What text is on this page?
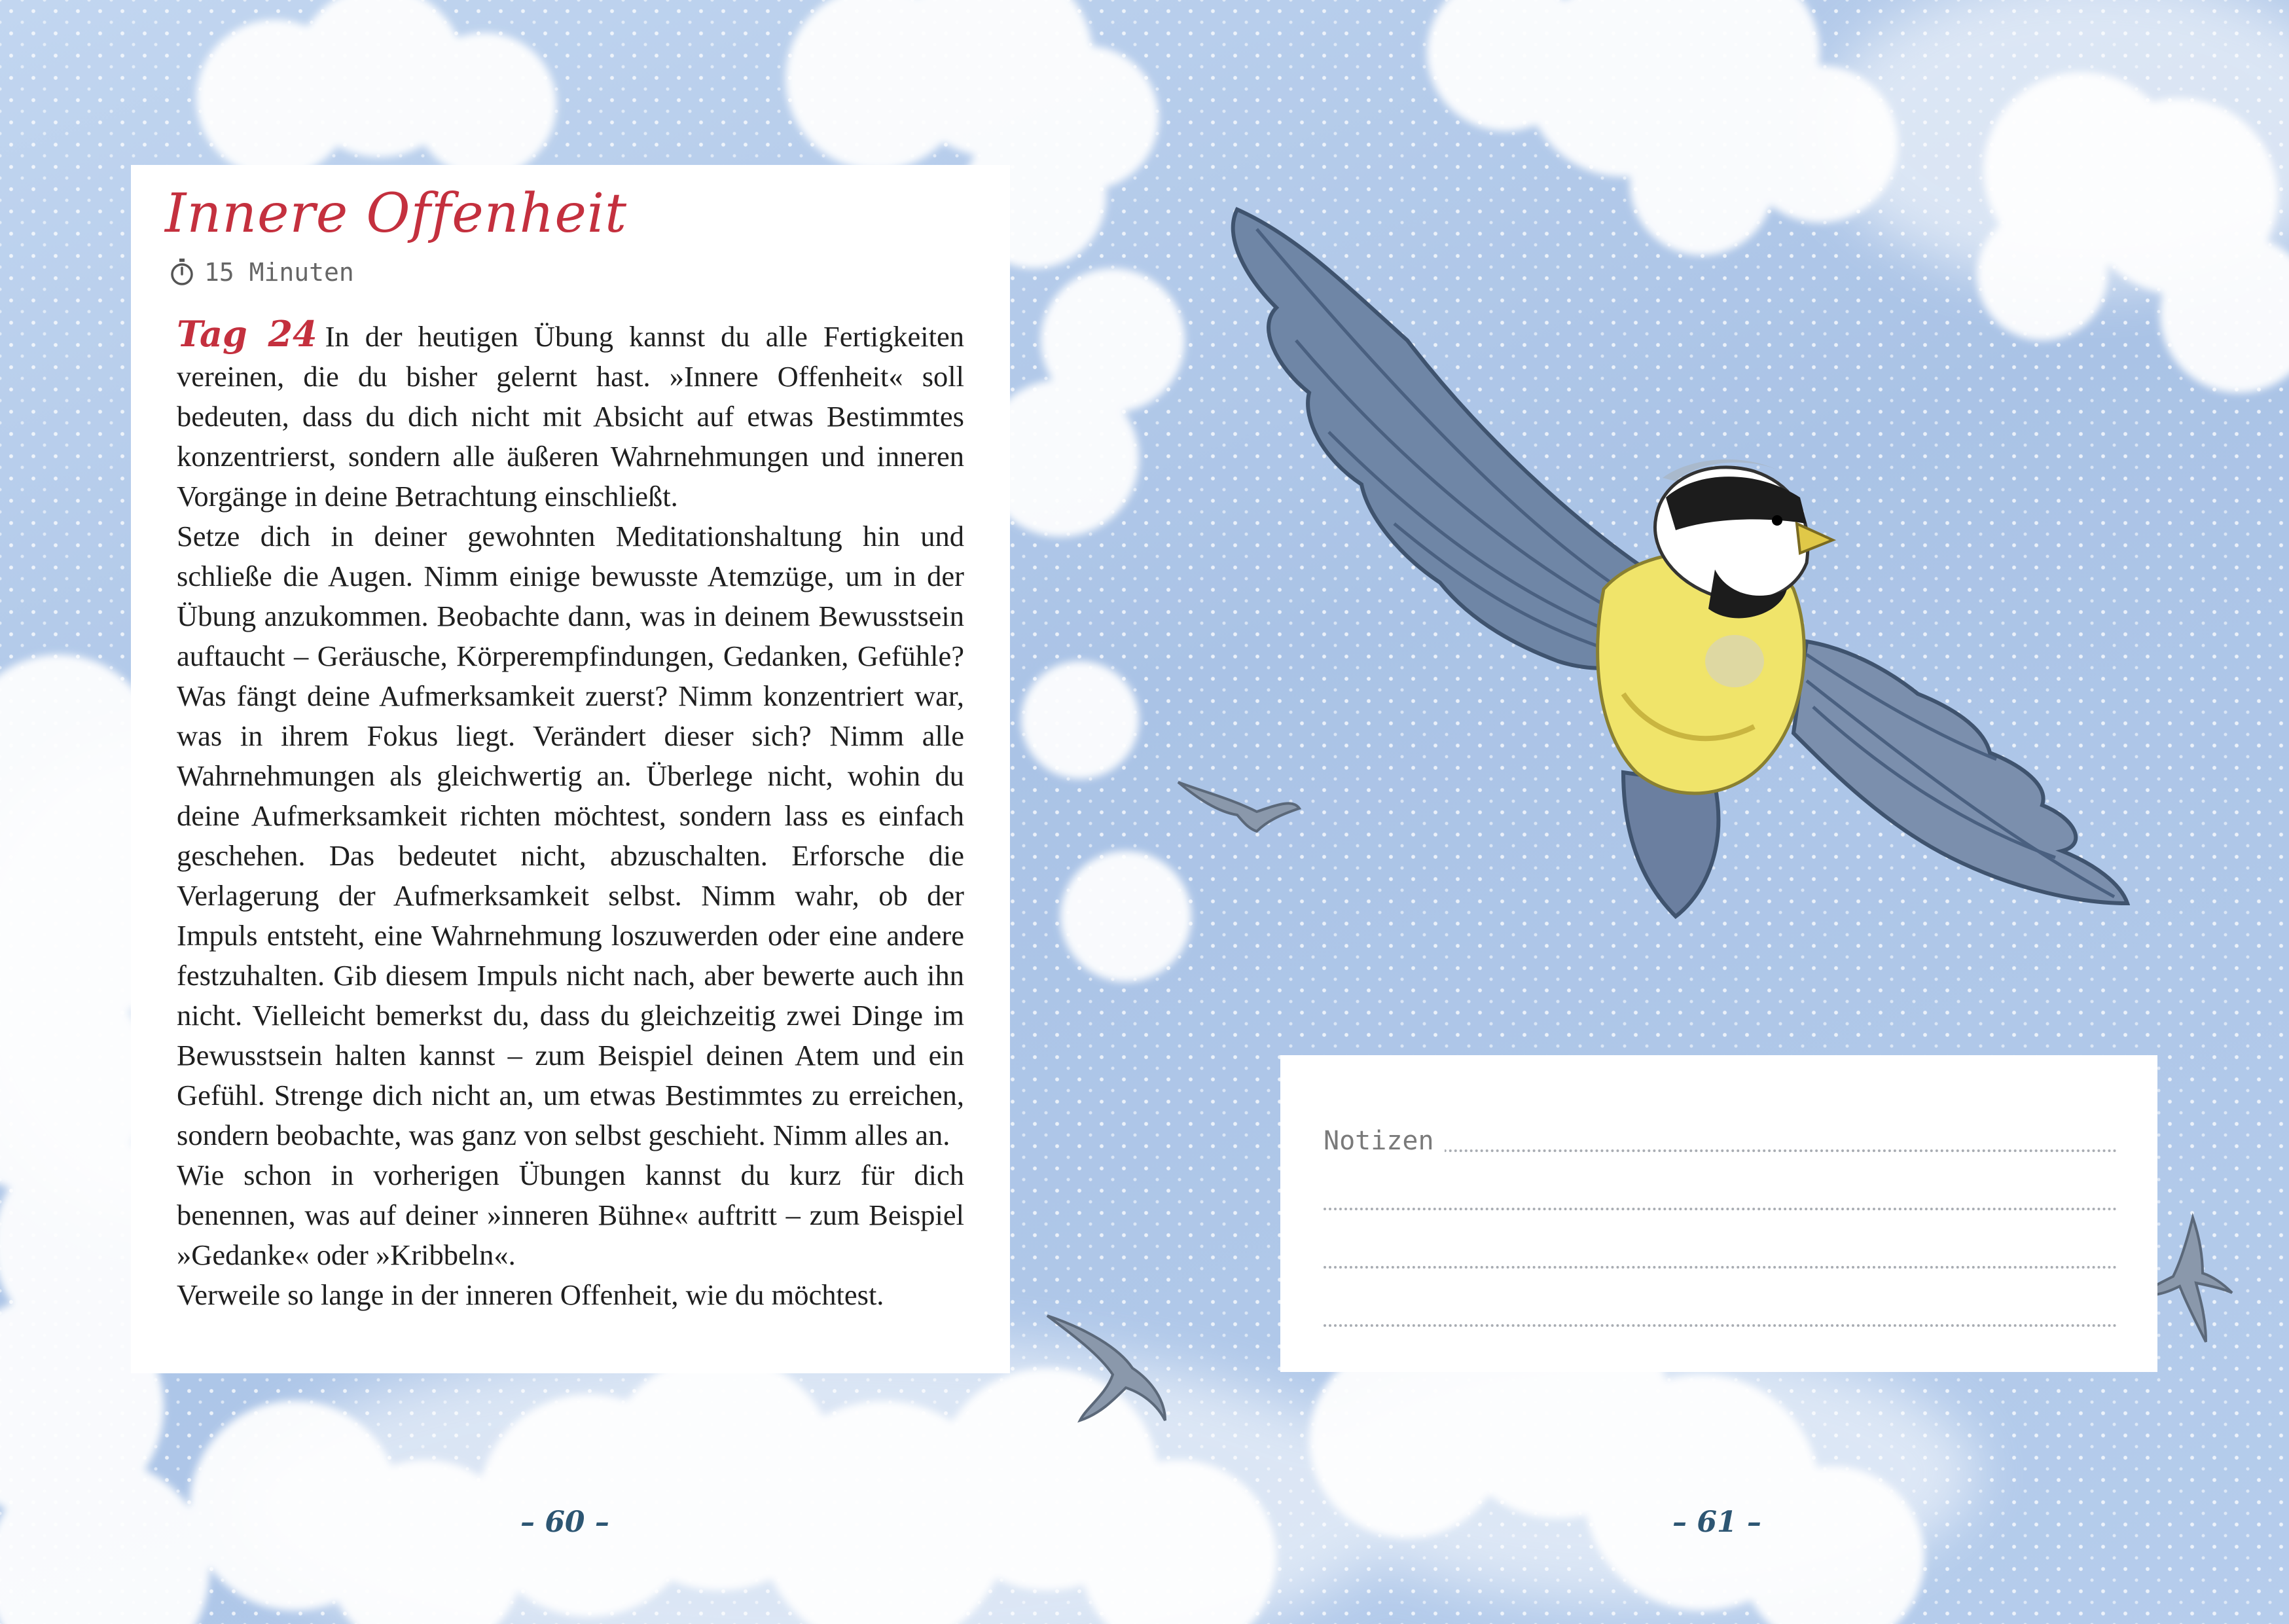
Innere Offenheit
15 Minuten

Tag 24 In der heutigen Übung kannst du alle Fertigkeiten vereinen, die du bisher gelernt hast. »Innere Offenheit« soll bedeuten, dass du dich nicht mit Absicht auf etwas Bestimmtes konzentrierst, sondern alle äußeren Wahrnehmungen und inneren Vorgänge in deine Betrachtung einschließt.

Setze dich in deiner gewohnten Meditationshaltung hin und schließe die Augen. Nimm einige bewusste Atemzüge, um in der Übung anzukommen. Beobachte dann, was in deinem Bewusstsein auftaucht – Geräusche, Körperempfindungen, Gedanken, Gefühle? Was fängt deine Aufmerksamkeit zuerst? Nimm konzentriert war, was in ihrem Fokus liegt. Verändert dieser sich? Nimm alle Wahrnehmungen als gleichwertig an. Überlege nicht, wohin du deine Aufmerksamkeit richten möchtest, sondern lass es einfach geschehen. Das bedeutet nicht, abzuschalten. Erforsche die Verlagerung der Aufmerksamkeit selbst. Nimm wahr, ob der Impuls entsteht, eine Wahrnehmung loszuwerden oder eine andere festzuhalten. Gib diesem Impuls nicht nach, aber bewerte auch ihn nicht. Vielleicht bemerkst du, dass du gleichzeitig zwei Dinge im Bewusstsein halten kannst – zum Beispiel deinen Atem und ein Gefühl. Strenge dich nicht an, um etwas Bestimmtes zu erreichen, sondern beobachte, was ganz von selbst geschieht. Nimm alles an.

Wie schon in vorherigen Übungen kannst du kurz für dich benennen, was auf deiner »inneren Bühne« auftritt – zum Beispiel »Gedanke« oder »Kribbeln«.

Verweile so lange in der inneren Offenheit, wie du möchtest.

Notizen
– 60 –	– 61 –
